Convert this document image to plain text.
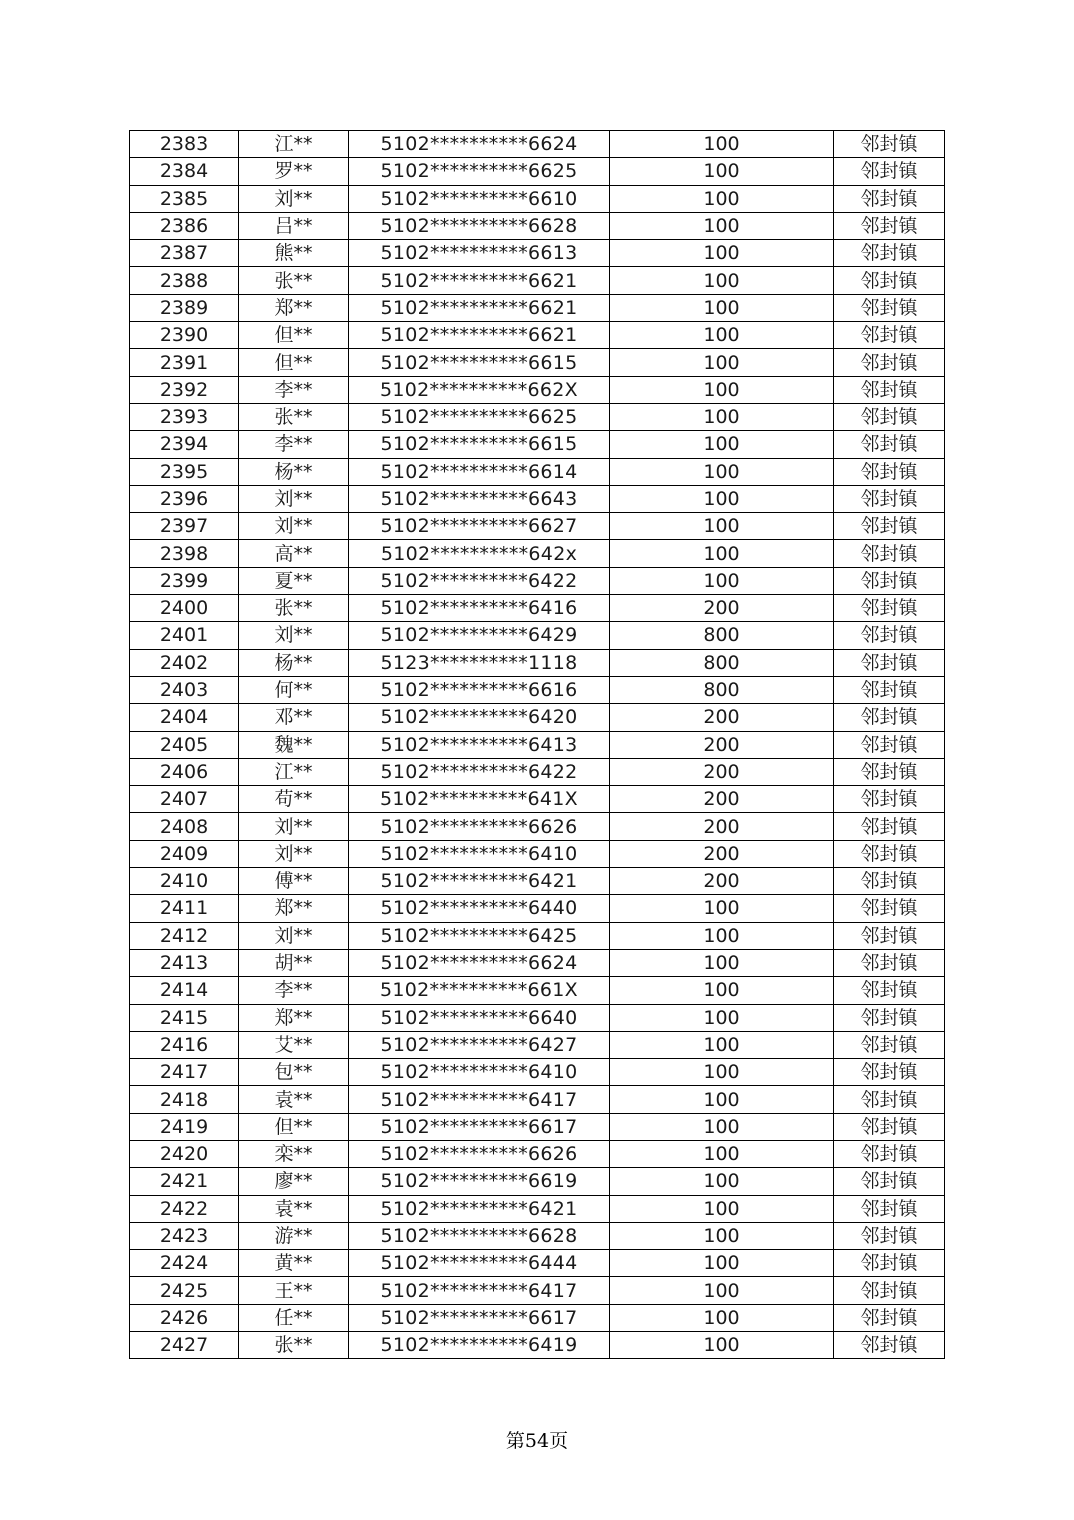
2383	江**	5102**********6624	100	邻封镇
2384	罗**	5102**********6625	100	邻封镇
2385	刘**	5102**********6610	100	邻封镇
2386	吕**	5102**********6628	100	邻封镇
2387	熊**	5102**********6613	100	邻封镇
2388	张**	5102**********6621	100	邻封镇
2389	郑**	5102**********6621	100	邻封镇
2390	但**	5102**********6621	100	邻封镇
2391	但**	5102**********6615	100	邻封镇
2392	李**	5102**********662X	100	邻封镇
2393	张**	5102**********6625	100	邻封镇
2394	李**	5102**********6615	100	邻封镇
2395	杨**	5102**********6614	100	邻封镇
2396	刘**	5102**********6643	100	邻封镇
2397	刘**	5102**********6627	100	邻封镇
2398	高**	5102**********642x	100	邻封镇
2399	夏**	5102**********6422	100	邻封镇
2400	张**	5102**********6416	200	邻封镇
2401	刘**	5102**********6429	800	邻封镇
2402	杨**	5123**********1118	800	邻封镇
2403	何**	5102**********6616	800	邻封镇
2404	邓**	5102**********6420	200	邻封镇
2405	魏**	5102**********6413	200	邻封镇
2406	江**	5102**********6422	200	邻封镇
2407	苟**	5102**********641X	200	邻封镇
2408	刘**	5102**********6626	200	邻封镇
2409	刘**	5102**********6410	200	邻封镇
2410	傅**	5102**********6421	200	邻封镇
2411	郑**	5102**********6440	100	邻封镇
2412	刘**	5102**********6425	100	邻封镇
2413	胡**	5102**********6624	100	邻封镇
2414	李**	5102**********661X	100	邻封镇
2415	郑**	5102**********6640	100	邻封镇
2416	艾**	5102**********6427	100	邻封镇
2417	包**	5102**********6410	100	邻封镇
2418	袁**	5102**********6417	100	邻封镇
2419	但**	5102**********6617	100	邻封镇
2420	栾**	5102**********6626	100	邻封镇
2421	廖**	5102**********6619	100	邻封镇
2422	袁**	5102**********6421	100	邻封镇
2423	游**	5102**********6628	100	邻封镇
2424	黄**	5102**********6444	100	邻封镇
2425	王**	5102**********6417	100	邻封镇
2426	任**	5102**********6617	100	邻封镇
2427	张**	5102**********6419	100	邻封镇
第54页
